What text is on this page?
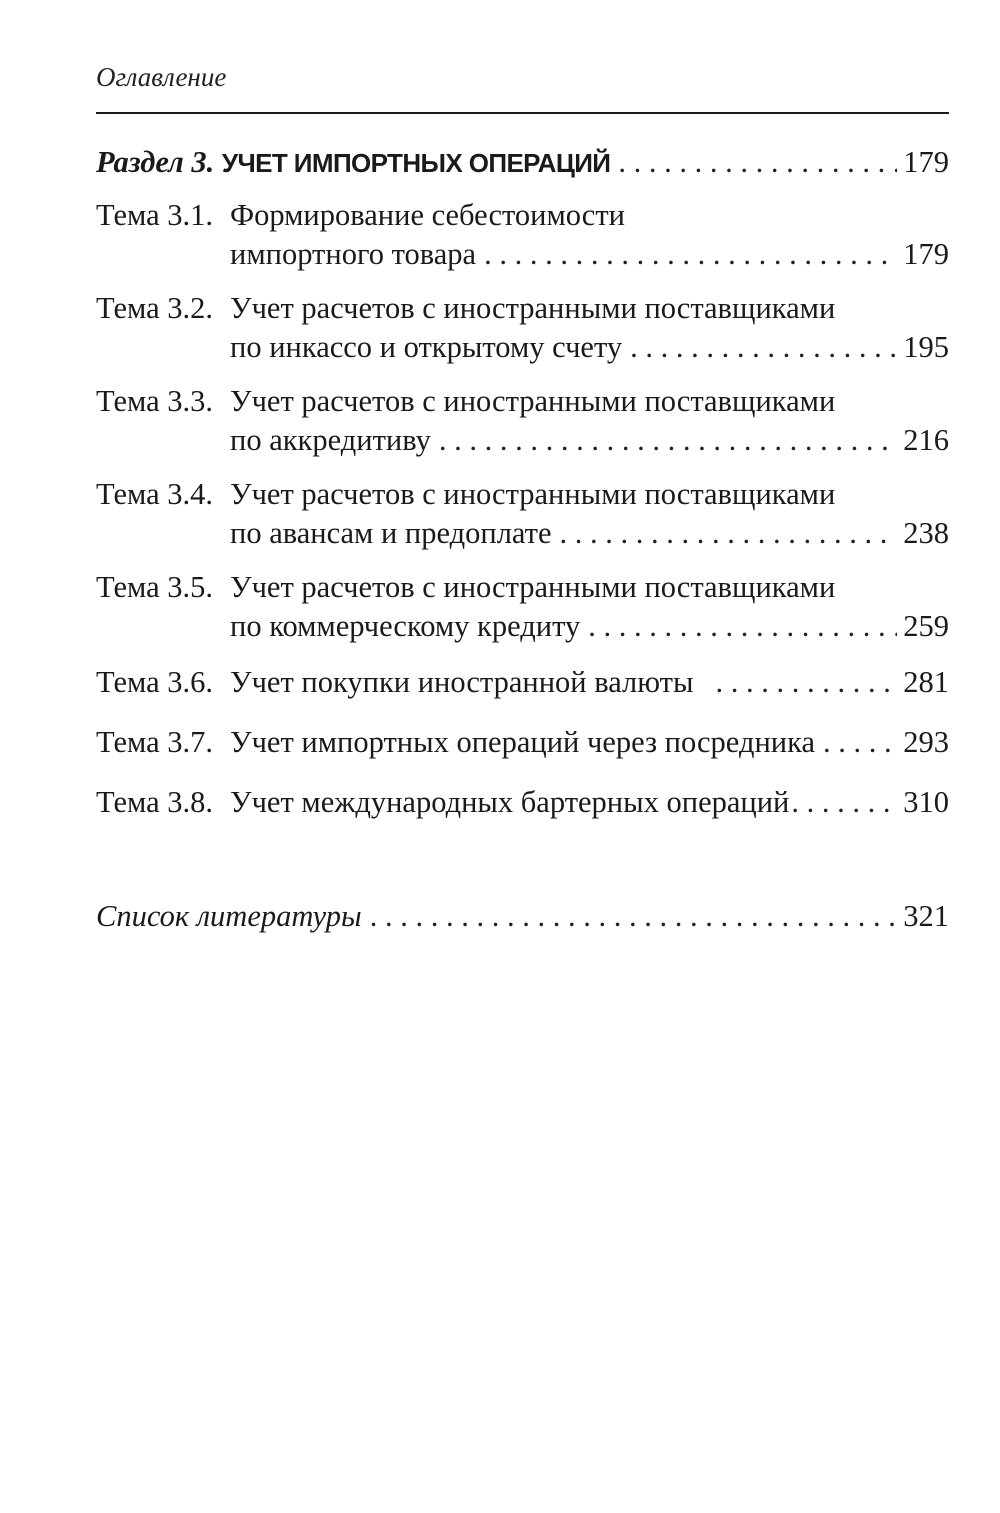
Оглавление
Раздел 3. УЧЕТ ИМПОРТНЫХ ОПЕРАЦИЙ . . .	179
Тема 3.1. Формирование себестоимости
импортного товара . . .	179
Тема 3.2. Учет расчетов с иностранными поставщиками
по инкассо и открытому счету . . .	195
Тема 3.3. Учет расчетов с иностранными поставщиками
по аккредитиву . . .	216
Тема 3.4. Учет расчетов с иностранными поставщиками
по авансам и предоплате . . .	238
Тема 3.5. Учет расчетов с иностранными поставщиками
по коммерческому кредиту . . .	259
Тема 3.6. Учет покупки иностранной валюты . . .	281
Тема 3.7. Учет импортных операций через посредника . . .	293
Тема 3.8. Учет международных бартерных операций . . .	310
Список литературы . . .	321
